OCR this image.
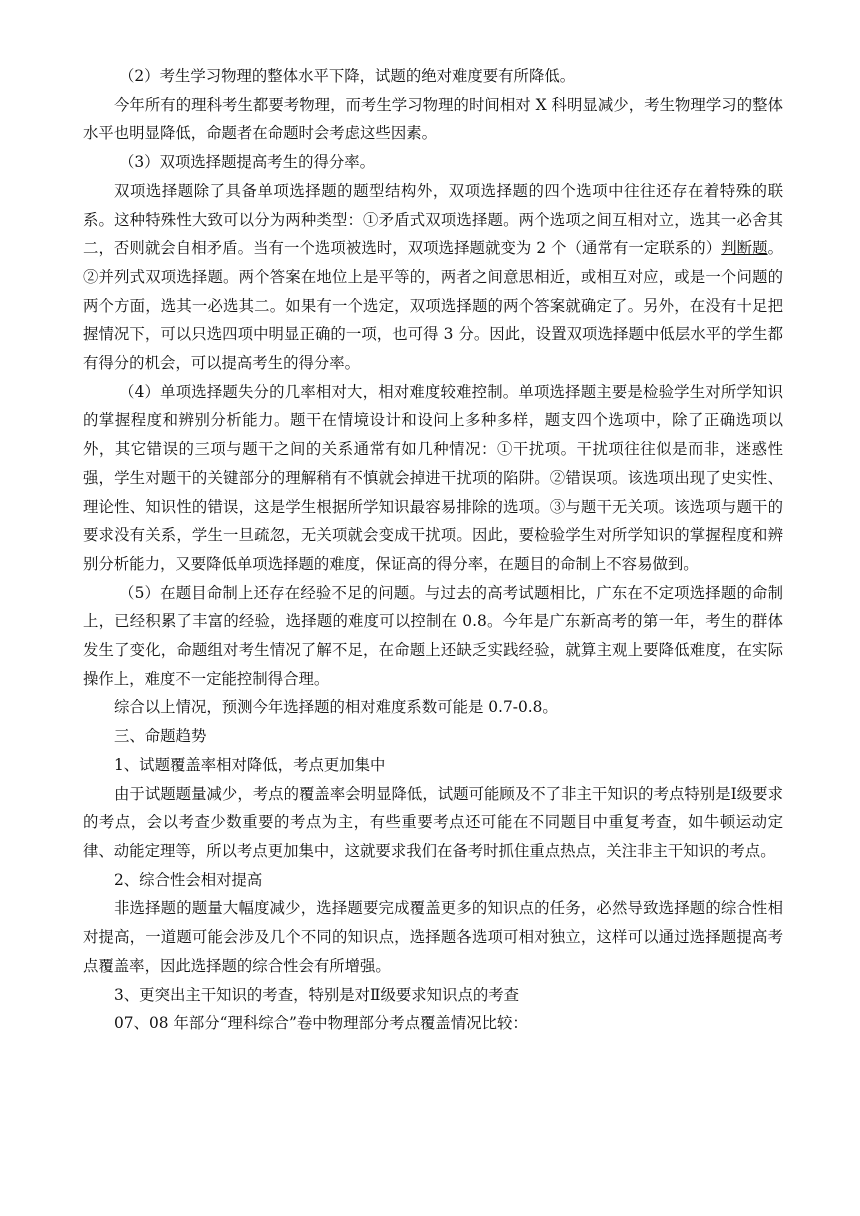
（2）考生学习物理的整体水平下降，试题的绝对难度要有所降低。

今年所有的理科考生都要考物理，而考生学习物理的时间相对 X 科明显减少，考生物理学习的整体水平也明显降低，命题者在命题时会考虑这些因素。

（3）双项选择题提高考生的得分率。

双项选择题除了具备单项选择题的题型结构外，双项选择题的四个选项中往往还存在着特殊的联系。这种特殊性大致可以分为两种类型：①矛盾式双项选择题。两个选项之间互相对立，选其一必舍其二，否则就会自相矛盾。当有一个选项被选时，双项选择题就变为 2 个（通常有一定联系的）判断题。②并列式双项选择题。两个答案在地位上是平等的，两者之间意思相近，或相互对应，或是一个问题的两个方面，选其一必选其二。如果有一个选定，双项选择题的两个答案就确定了。另外，在没有十足把握情况下，可以只选四项中明显正确的一项，也可得 3 分。因此，设置双项选择题中低层水平的学生都有得分的机会，可以提高考生的得分率。

（4）单项选择题失分的几率相对大，相对难度较难控制。单项选择题主要是检验学生对所学知识的掌握程度和辨别分析能力。题干在情境设计和设问上多种多样，题支四个选项中，除了正确选项以外，其它错误的三项与题干之间的关系通常有如几种情况：①干扰项。干扰项往往似是而非，迷惑性强，学生对题干的关键部分的理解稍有不慎就会掉进干扰项的陷阱。②错误项。该选项出现了史实性、理论性、知识性的错误，这是学生根据所学知识最容易排除的选项。③与题干无关项。该选项与题干的要求没有关系，学生一旦疏忽，无关项就会变成干扰项。因此，要检验学生对所学知识的掌握程度和辨别分析能力，又要降低单项选择题的难度，保证高的得分率，在题目的命制上不容易做到。

（5）在题目命制上还存在经验不足的问题。与过去的高考试题相比，广东在不定项选择题的命制上，已经积累了丰富的经验，选择题的难度可以控制在 0.8。今年是广东新高考的第一年，考生的群体发生了变化，命题组对考生情况了解不足，在命题上还缺乏实践经验，就算主观上要降低难度，在实际操作上，难度不一定能控制得合理。

综合以上情况，预测今年选择题的相对难度系数可能是 0.7-0.8。

三、命题趋势

1、试题覆盖率相对降低，考点更加集中

由于试题题量减少，考点的覆盖率会明显降低，试题可能顾及不了非主干知识的考点特别是Ⅰ级要求的考点，会以考查少数重要的考点为主，有些重要考点还可能在不同题目中重复考查，如牛顿运动定律、动能定理等，所以考点更加集中，这就要求我们在备考时抓住重点热点，关注非主干知识的考点。

2、综合性会相对提高

非选择题的题量大幅度减少，选择题要完成覆盖更多的知识点的任务，必然导致选择题的综合性相对提高，一道题可能会涉及几个不同的知识点，选择题各选项可相对独立，这样可以通过选择题提高考点覆盖率，因此选择题的综合性会有所增强。

3、更突出主干知识的考查，特别是对Ⅱ级要求知识点的考查

07、08 年部分“理科综合”卷中物理部分考点覆盖情况比较：
